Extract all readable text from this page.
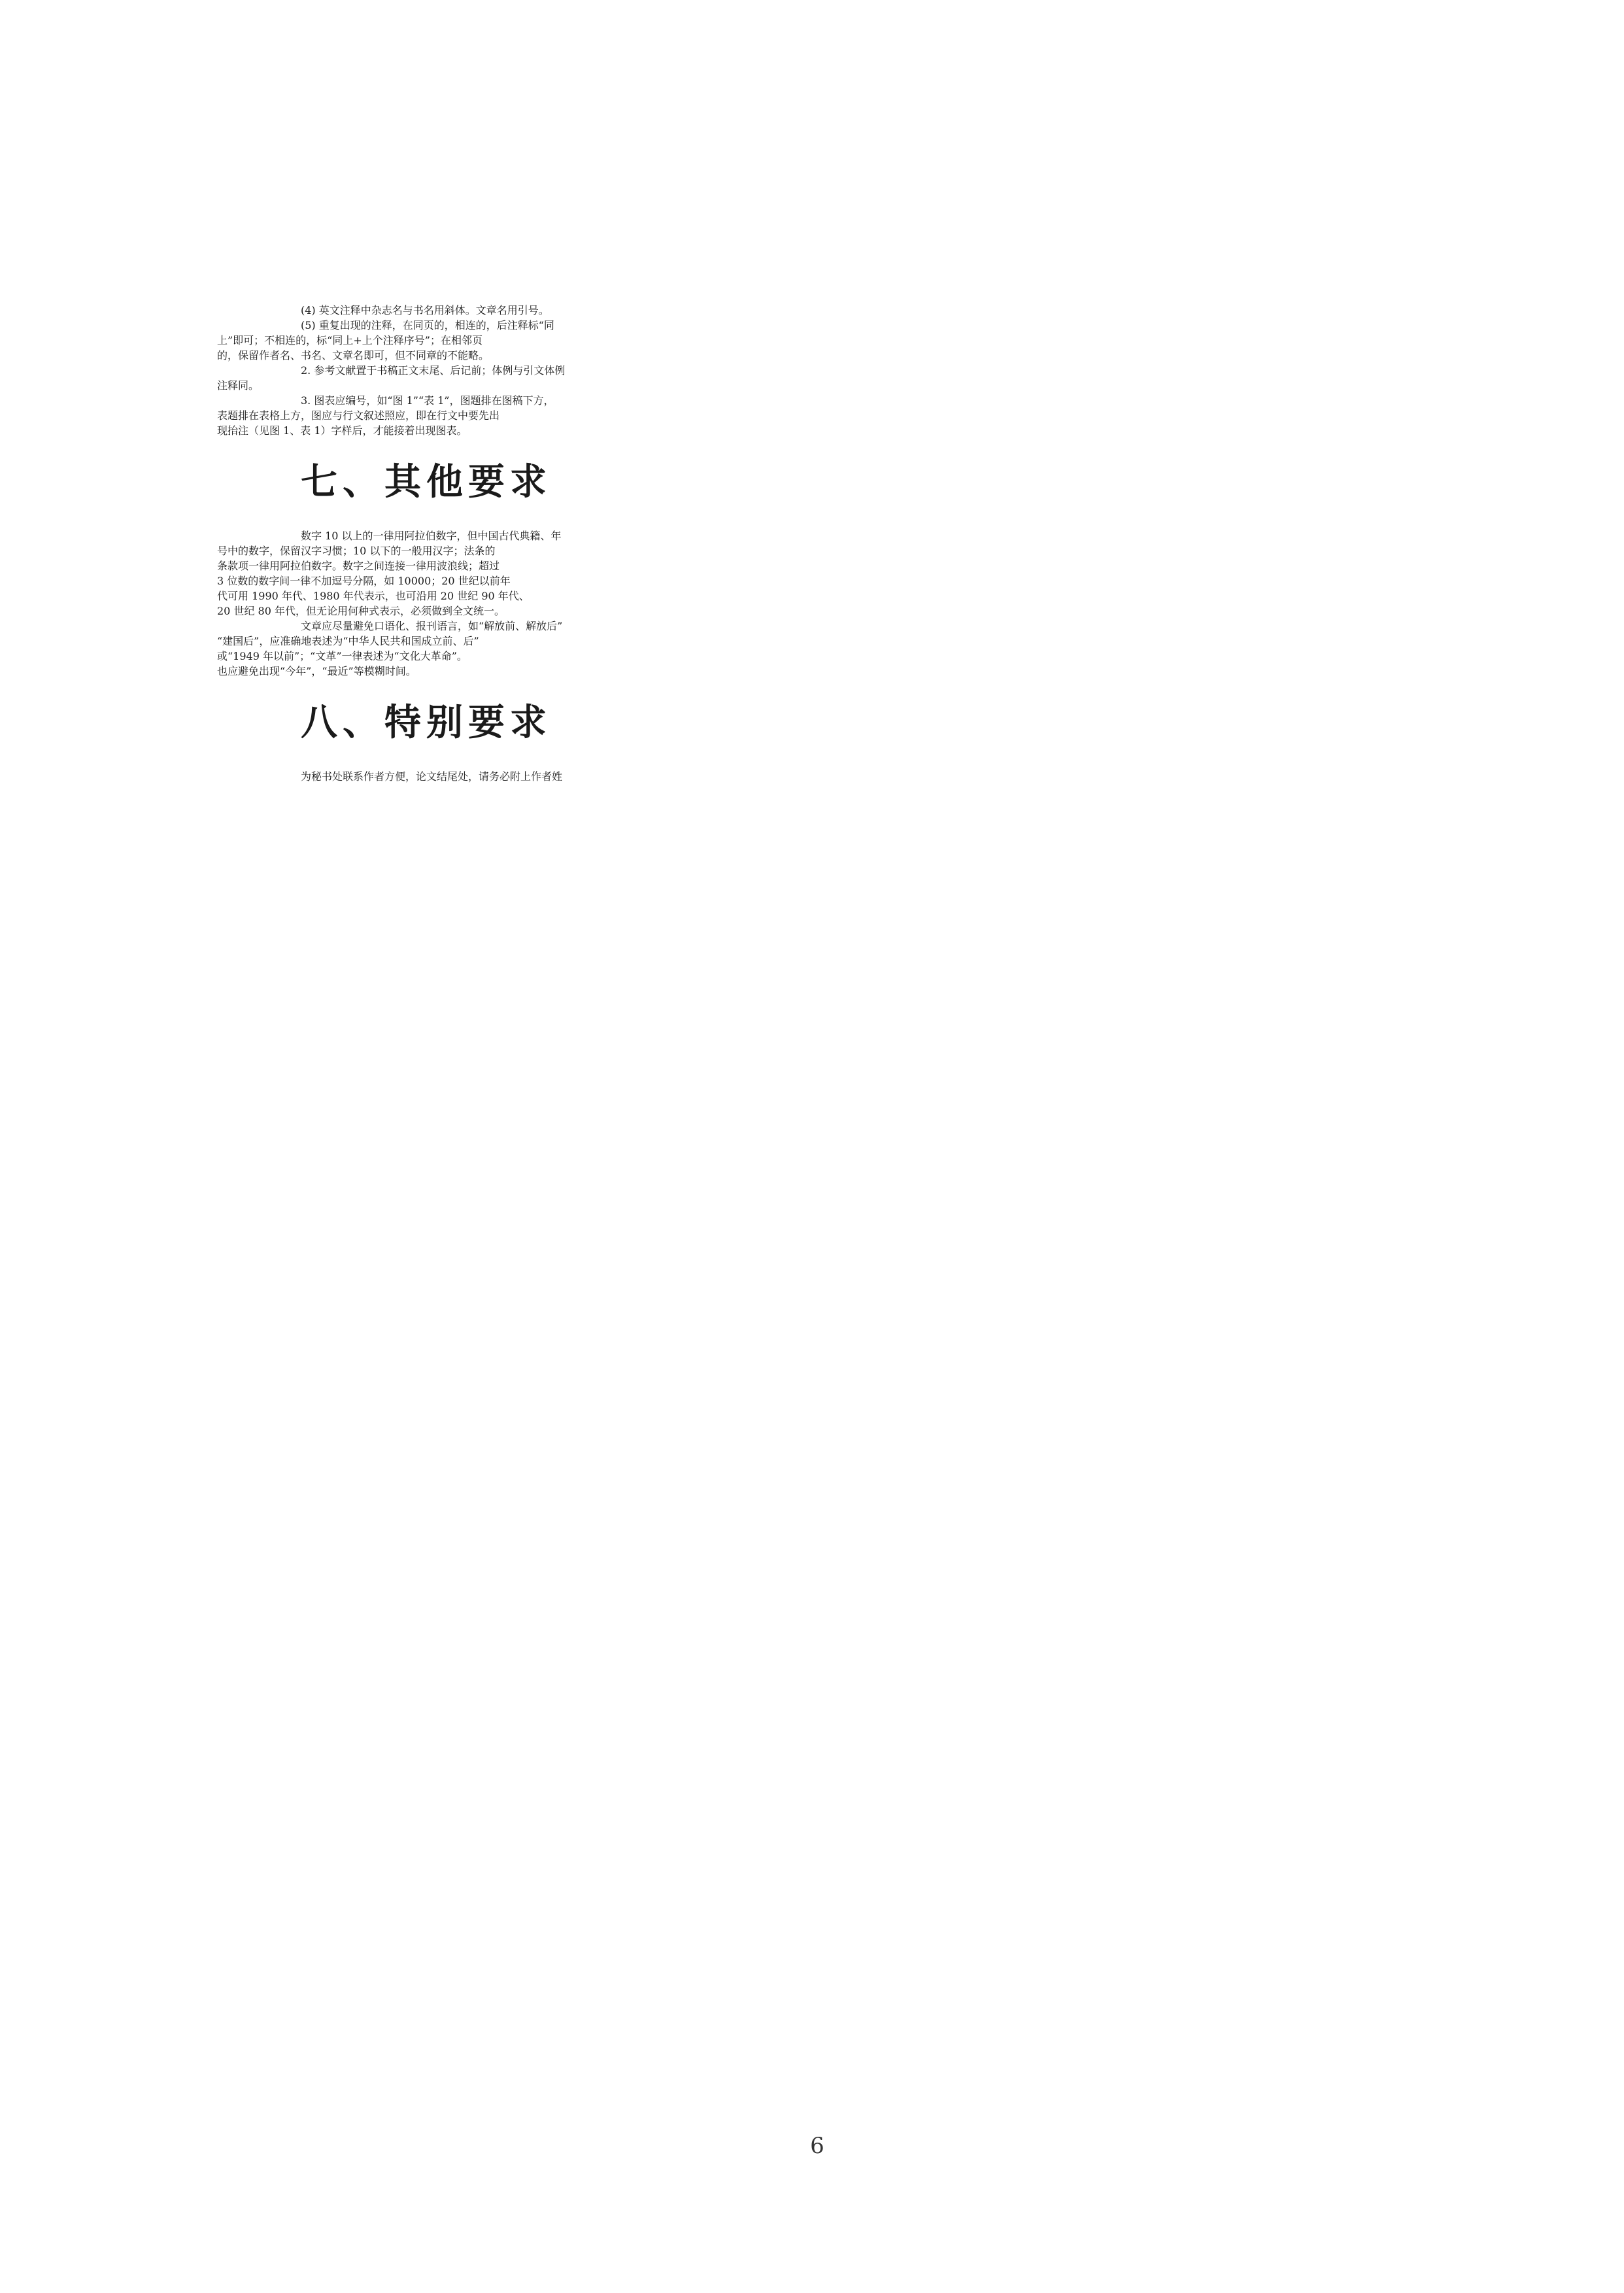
(4) 英文注释中杂志名与书名用斜体。文章名用引号。
(5) 重复出现的注释，在同页的，相连的，后注释标“同
上”即可；不相连的，标“同上+上个注释序号”；在相邻页
的，保留作者名、书名、文章名即可，但不同章的不能略。
2. 参考文献置于书稿正文末尾、后记前；体例与引文体例
注释同。
3. 图表应编号，如“图 1”“表 1”，图题排在图稿下方，
表题排在表格上方，图应与行文叙述照应，即在行文中要先出
现抬注（见图 1、表 1）字样后，才能接着出现图表。
七、其他要求
数字 10 以上的一律用阿拉伯数字，但中国古代典籍、年
号中的数字，保留汉字习惯；10 以下的一般用汉字；法条的
条款项一律用阿拉伯数字。数字之间连接一律用波浪线；超过
3 位数的数字间一律不加逗号分隔，如 10000；20 世纪以前年
代可用 1990 年代、1980 年代表示，也可沿用 20 世纪 90 年代、
20 世纪 80 年代，但无论用何种式表示，必须做到全文统一。
文章应尽量避免口语化、报刊语言，如“解放前、解放后”
“建国后”，应准确地表述为“中华人民共和国成立前、后”
或“1949 年以前”；“文革”一律表述为“文化大革命”。
也应避免出现“今年”，“最近”等模糊时间。
八、特别要求
为秘书处联系作者方便，论文结尾处，请务必附上作者姓
6
